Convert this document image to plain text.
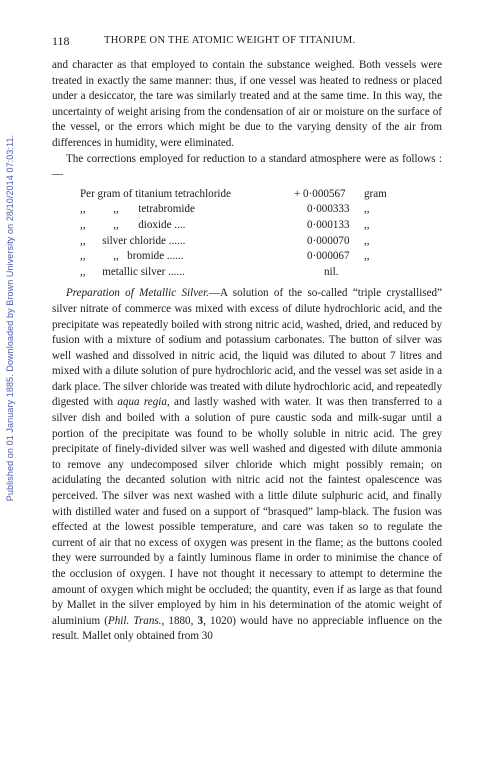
Published on 01 January 1885. Downloaded by Brown University on 28/10/2014 07:03:11.
118	THORPE ON THE ATOMIC WEIGHT OF TITANIUM.

and character as that employed to contain the substance weighed. Both vessels were treated in exactly the same manner: thus, if one vessel was heated to redness or placed under a desiccator, the tare was similarly treated and at the same time. In this way, the uncertainty of weight arising from the condensation of air or moisture on the surface of the vessel, or the errors which might be due to the varying density of the air from differences in humidity, were eliminated.

The corrections employed for reduction to a standard atmosphere were as follows :—

Per gram of titanium tetrachloride	+ 0·000567 gram
,,          ,,       tetrabromide	0·000333 ,,
,,          ,,       dioxide ....	0·000133 ,,
,,      silver chloride ......	0·000070 ,,
,,          ,,   bromide ......	0·000067 ,,
,,      metallic silver ......	nil.

Preparation of Metallic Silver.—A solution of the so-called “triple crystallised” silver nitrate of commerce was mixed with excess of dilute hydrochloric acid, and the precipitate was repeatedly boiled with strong nitric acid, washed, dried, and reduced by fusion with a mixture of sodium and potassium carbonates. The button of silver was well washed and dissolved in nitric acid, the liquid was diluted to about 7 litres and mixed with a dilute solution of pure hydrochloric acid, and the vessel was set aside in a dark place. The silver chloride was treated with dilute hydrochloric acid, and repeatedly digested with aqua regia, and lastly washed with water. It was then transferred to a silver dish and boiled with a solution of pure caustic soda and milk-sugar until a portion of the precipitate was found to be wholly soluble in nitric acid. The grey precipitate of finely-divided silver was well washed and digested with dilute ammonia to remove any undecomposed silver chloride which might possibly remain; on acidulating the decanted solution with nitric acid not the faintest opalescence was perceived. The silver was next washed with a little dilute sulphuric acid, and finally with distilled water and fused on a support of “brasqued” lamp-black. The fusion was effected at the lowest possible temperature, and care was taken so to regulate the current of air that no excess of oxygen was present in the flame; as the buttons cooled they were surrounded by a faintly luminous flame in order to minimise the chance of the occlusion of oxygen. I have not thought it necessary to attempt to determine the amount of oxygen which might be occluded; the quantity, even if as large as that found by Mallet in the silver employed by him in his determination of the atomic weight of aluminium (Phil. Trans., 1880, 3, 1020) would have no appreciable influence on the result. Mallet only obtained from 30
